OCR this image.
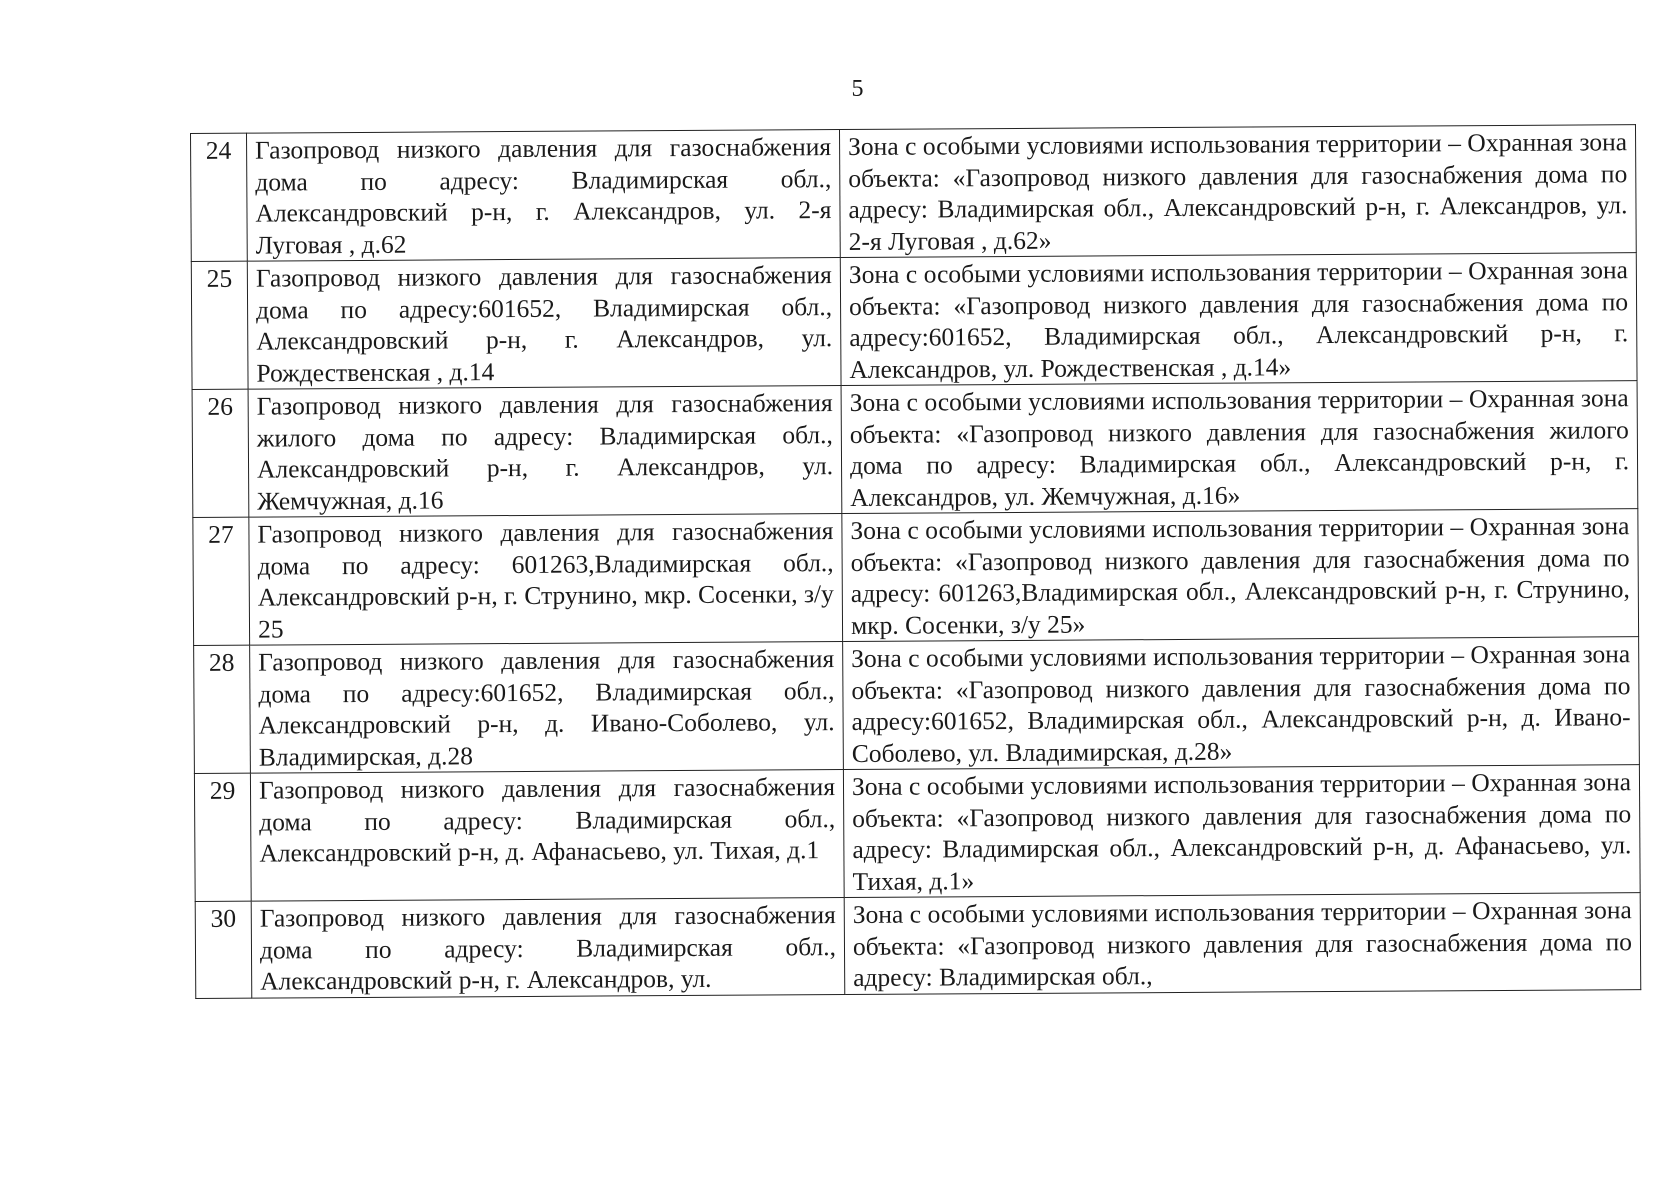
5
24	Газопровод низкого давления для газоснабжения дома по адресу: Владимирская обл., Александровский р-н, г. Александров, ул. 2-я Луговая , д.62	Зона с особыми условиями использования территории – Охранная зона объекта: «Газопровод низкого давления для газоснабжения дома по адресу: Владимирская обл., Александровский р-н, г. Александров, ул. 2-я Луговая , д.62»
25	Газопровод низкого давления для газоснабжения дома по адресу:601652, Владимирская обл., Александровский р-н, г. Александров, ул. Рождественская , д.14	Зона с особыми условиями использования территории – Охранная зона объекта: «Газопровод низкого давления для газоснабжения дома по адресу:601652, Владимирская обл., Александровский р-н, г. Александров, ул. Рождественская , д.14»
26	Газопровод низкого давления для газоснабжения жилого дома по адресу: Владимирская обл., Александровский р-н, г. Александров, ул. Жемчужная, д.16	Зона с особыми условиями использования территории – Охранная зона объекта: «Газопровод низкого давления для газоснабжения жилого дома по адресу: Владимирская обл., Александровский р-н, г. Александров, ул. Жемчужная, д.16»
27	Газопровод низкого давления для газоснабжения дома по адресу: 601263,Владимирская обл., Александровский р-н, г. Струнино, мкр. Сосенки, з/у 25	Зона с особыми условиями использования территории – Охранная зона объекта: «Газопровод низкого давления для газоснабжения дома по адресу: 601263,Владимирская обл., Александровский р-н, г. Струнино, мкр. Сосенки, з/у 25»
28	Газопровод низкого давления для газоснабжения дома по адресу:601652, Владимирская обл., Александровский р-н, д. Ивано-Соболево, ул. Владимирская, д.28	Зона с особыми условиями использования территории – Охранная зона объекта: «Газопровод низкого давления для газоснабжения дома по адресу:601652, Владимирская обл., Александровский р-н, д. Ивано-Соболево, ул. Владимирская, д.28»
29	Газопровод низкого давления для газоснабжения дома по адресу: Владимирская обл., Александровский р-н, д. Афанасьево, ул. Тихая, д.1	Зона с особыми условиями использования территории – Охранная зона объекта: «Газопровод низкого давления для газоснабжения дома по адресу: Владимирская обл., Александровский р-н, д. Афанасьево, ул. Тихая, д.1»
30	Газопровод низкого давления для газоснабжения дома по адресу: Владимирская обл., Александровский р-н, г. Александров, ул.	Зона с особыми условиями использования территории – Охранная зона объекта: «Газопровод низкого давления для газоснабжения дома по адресу: Владимирская обл.,
